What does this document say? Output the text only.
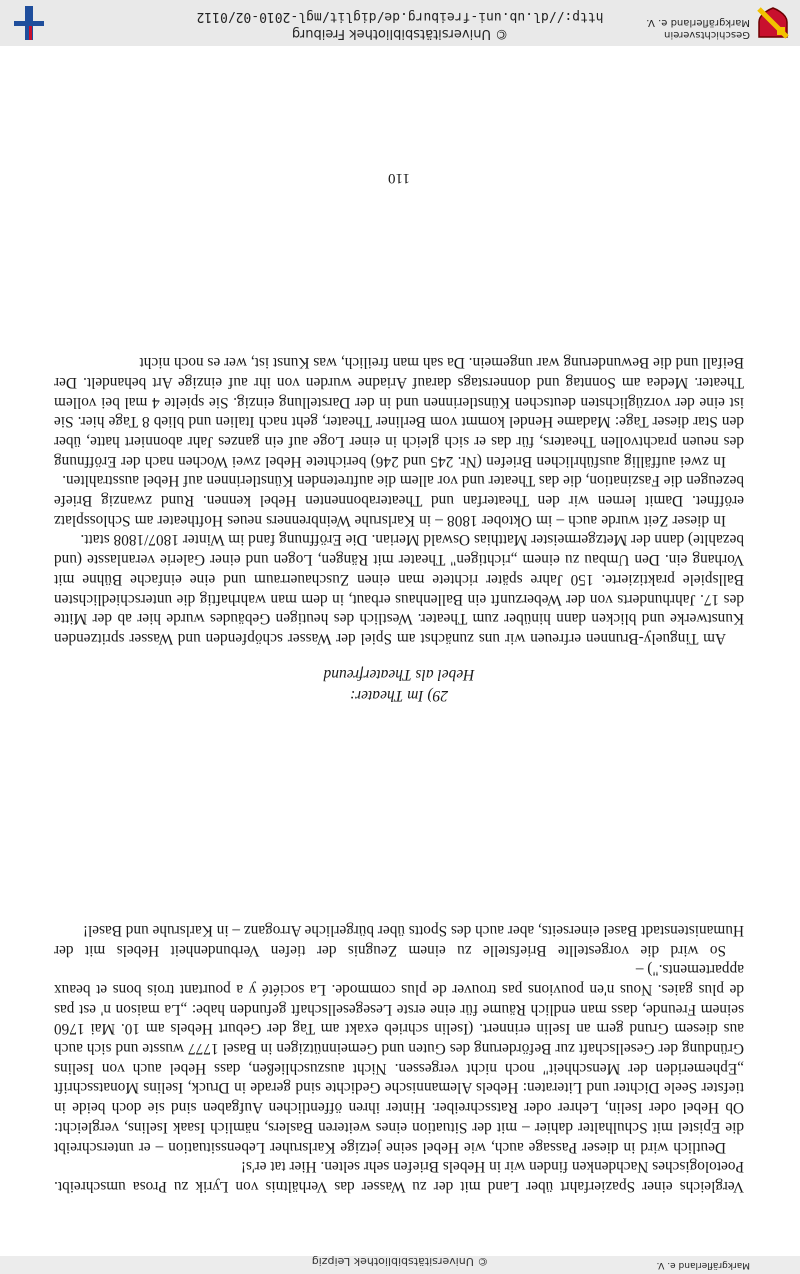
Geschichtsverein
Markgräflerland e. V.
© Universitätsbibliothek Freiburg
http://dl.ub.uni-freiburg.de/diglit/mgl-2010-02/0112
Markgräflerland e. V.
© Universitätsbibliothek Leipzig

Vergleichs einer Spazierfahrt über Land mit der zu Wasser das Verhältnis von Lyrik zu Prosa umschreibt. Poetologisches Nachdenken finden wir in Hebels Briefen sehr selten. Hier tat er's!

Deutlich wird in dieser Passage auch, wie Hebel seine jetzige Karlsruher Lebenssituation – er unterschreibt die Epistel mit Schulhalter dahier – mit der Situation eines weiteren Baslers, nämlich Isaak Iselins, vergleicht: Ob Hebel oder Iselin, Lehrer oder Ratsschreiber. Hinter ihren öffentlichen Aufgaben sind sie doch beide in tiefster Seele Dichter und Literaten: Hebels Alemannische Gedichte sind gerade in Druck, Iselins Monatsschrift „Ephemeriden der Menschheit" noch nicht vergessen. Nicht auszuschließen, dass Hebel auch von Iselins Gründung der Gesellschaft zur Beförderung des Guten und Gemeinnützigen in Basel 1777 wusste und sich auch aus diesem Grund gern an Iselin erinnert. (Iselin schrieb exakt am Tag der Geburt Hebels am 10. Mai 1760 seinem Freunde, dass man endlich Räume für eine erste Lesegesellschaft gefunden habe: „La maison n' est pas de plus gaies. Nous n'en pouvions pas trouver de plus commode. La société y a pourtant trois bons et beaux appartements.") –

So wird die vorgestellte Briefstelle zu einem Zeugnis der tiefen Verbundenheit Hebels mit der Humanistenstadt Basel einerseits, aber auch des Spotts über bürgerliche Arroganz – in Karlsruhe und Basel!

29) Im Theater:
Hebel als Theaterfreund

Am Tinguely-Brunnen erfreuen wir uns zunächst am Spiel der Wasser schöpfenden und Wasser spritzenden Kunstwerke und blicken dann hinüber zum Theater. Westlich des heutigen Gebäudes wurde hier ab der Mitte des 17. Jahrhunderts von der Weberzunft ein Ballenhaus erbaut, in dem man wahrhaftig die unterschiedlichsten Ballspiele praktizierte. 150 Jahre später richtete man einen Zuschauerraum und eine einfache Bühne mit Vorhang ein. Den Umbau zu einem „richtigen" Theater mit Rängen, Logen und einer Galerie veranlasste (und bezahlte) dann der Metzgermeister Matthias Oswald Merian. Die Eröffnung fand im Winter 1807/1808 statt.

In dieser Zeit wurde auch – im Oktober 1808 – in Karlsruhe Weinbrenners neues Hoftheater am Schlossplatz eröffnet. Damit lernen wir den Theaterfan und Theaterabonnenten Hebel kennen. Rund zwanzig Briefe bezeugen die Faszination, die das Theater und vor allem die auftretenden Künstlerinnen auf Hebel ausstrahlten.

In zwei auffällig ausführlichen Briefen (Nr. 245 und 246) berichtete Hebel zwei Wochen nach der Eröffnung des neuen prachtvollen Theaters, für das er sich gleich in einer Loge auf ein ganzes Jahr abonniert hatte, über den Star dieser Tage: Madame Hendel kommt vom Berliner Theater, geht nach Italien und blieb 8 Tage hier. Sie ist eine der vorzüglichsten deutschen Künstlerinnen und in der Darstellung einzig. Sie spielte 4 mal bei vollem Theater. Medea am Sonntag und donnerstags darauf Ariadne wurden von ihr auf einzige Art behandelt. Der Beifall und die Bewunderung war ungemein. Da sah man freilich, was Kunst ist, wer es noch nicht

110
